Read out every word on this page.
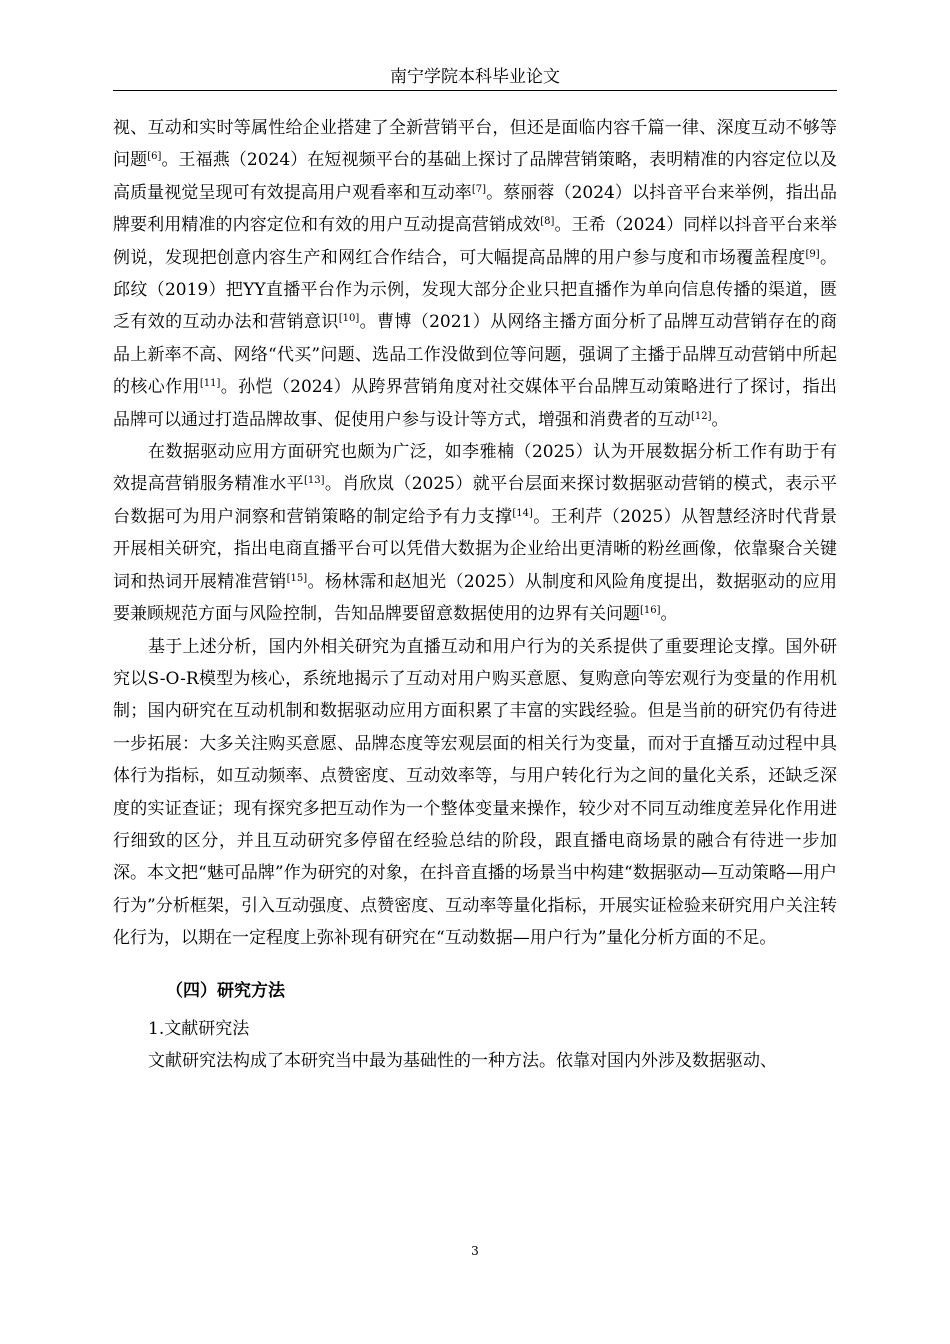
南宁学院本科毕业论文

视、互动和实时等属性给企业搭建了全新营销平台，但还是面临内容千篇一律、深度互动不够等问题[6]。王福燕（2024）在短视频平台的基础上探讨了品牌营销策略，表明精准的内容定位以及高质量视觉呈现可有效提高用户观看率和互动率[7]。蔡丽蓉（2024）以抖音平台来举例，指出品牌要利用精准的内容定位和有效的用户互动提高营销成效[8]。王希（2024）同样以抖音平台来举例说，发现把创意内容生产和网红合作结合，可大幅提高品牌的用户参与度和市场覆盖程度[9]。邱纹（2019）把YY直播平台作为示例，发现大部分企业只把直播作为单向信息传播的渠道，匮乏有效的互动办法和营销意识[10]。曹博（2021）从网络主播方面分析了品牌互动营销存在的商品上新率不高、网络“代买”问题、选品工作没做到位等问题，强调了主播于品牌互动营销中所起的核心作用[11]。孙恺（2024）从跨界营销角度对社交媒体平台品牌互动策略进行了探讨，指出品牌可以通过打造品牌故事、促使用户参与设计等方式，增强和消费者的互动[12]。

在数据驱动应用方面研究也颇为广泛，如李雅楠（2025）认为开展数据分析工作有助于有效提高营销服务精准水平[13]。肖欣岚（2025）就平台层面来探讨数据驱动营销的模式，表示平台数据可为用户洞察和营销策略的制定给予有力支撑[14]。王利芹（2025）从智慧经济时代背景开展相关研究，指出电商直播平台可以凭借大数据为企业给出更清晰的粉丝画像，依靠聚合关键词和热词开展精准营销[15]。杨林霈和赵旭光（2025）从制度和风险角度提出，数据驱动的应用要兼顾规范方面与风险控制，告知品牌要留意数据使用的边界有关问题[16]。

基于上述分析，国内外相关研究为直播互动和用户行为的关系提供了重要理论支撑。国外研究以S-O-R模型为核心，系统地揭示了互动对用户购买意愿、复购意向等宏观行为变量的作用机制；国内研究在互动机制和数据驱动应用方面积累了丰富的实践经验。但是当前的研究仍有待进一步拓展：大多关注购买意愿、品牌态度等宏观层面的相关行为变量，而对于直播互动过程中具体行为指标，如互动频率、点赞密度、互动效率等，与用户转化行为之间的量化关系，还缺乏深度的实证查证；现有探究多把互动作为一个整体变量来操作，较少对不同互动维度差异化作用进行细致的区分，并且互动研究多停留在经验总结的阶段，跟直播电商场景的融合有待进一步加深。本文把“魅可品牌”作为研究的对象，在抖音直播的场景当中构建“数据驱动—互动策略—用户行为”分析框架，引入互动强度、点赞密度、互动率等量化指标，开展实证检验来研究用户关注转化行为，以期在一定程度上弥补现有研究在“互动数据—用户行为”量化分析方面的不足。

（四）研究方法
1.文献研究法

文献研究法构成了本研究当中最为基础性的一种方法。依靠对国内外涉及数据驱动、

3
